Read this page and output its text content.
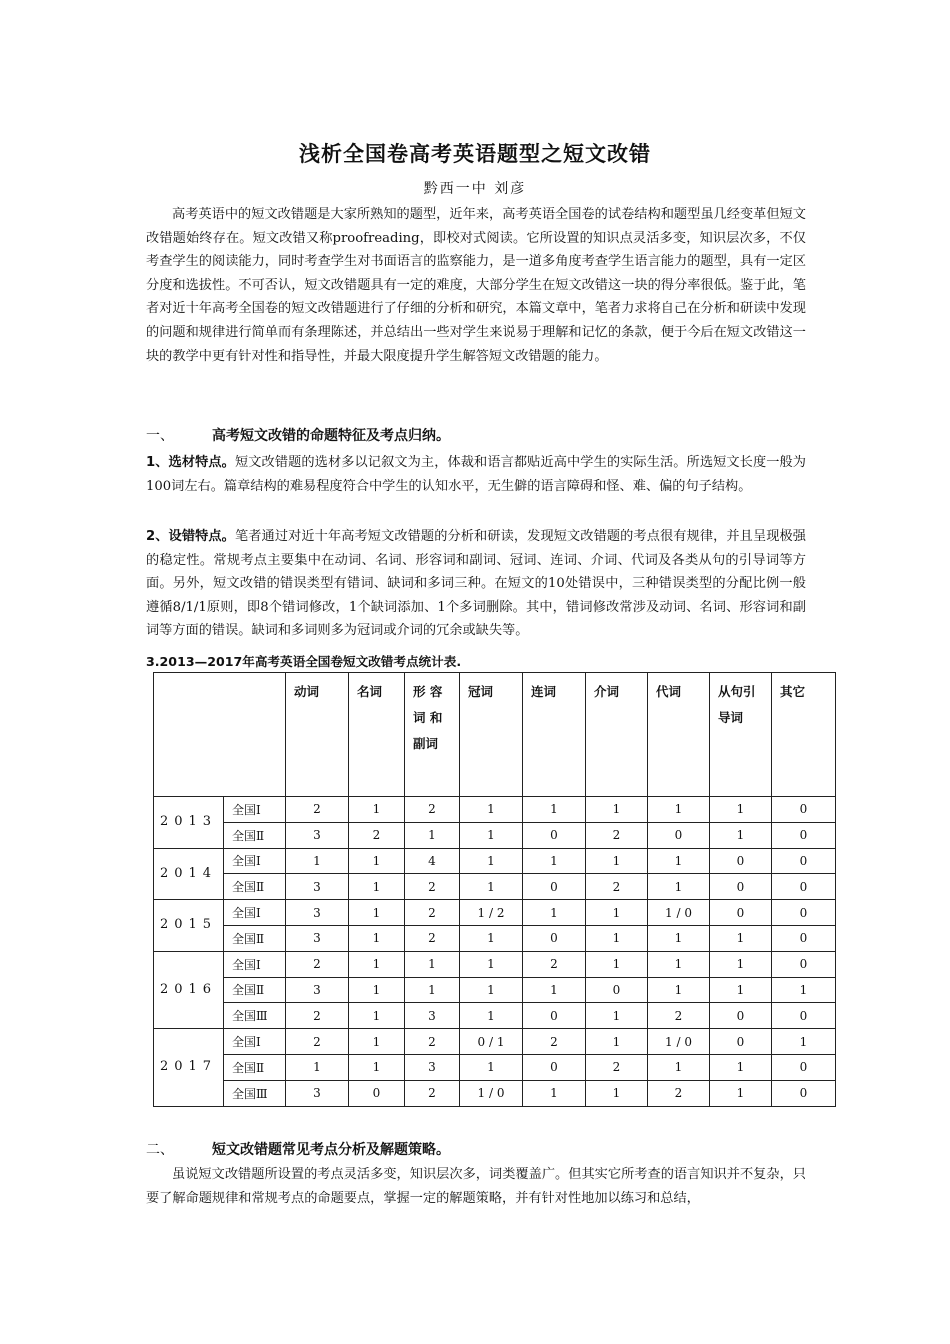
浅析全国卷高考英语题型之短文改错
黔西一中 刘彦
高考英语中的短文改错题是大家所熟知的题型，近年来，高考英语全国卷的试卷结构和题型虽几经变革但短文改错题始终存在。短文改错又称proofreading，即校对式阅读。它所设置的知识点灵活多变，知识层次多，不仅考查学生的阅读能力，同时考查学生对书面语言的监察能力，是一道多角度考查学生语言能力的题型，具有一定区分度和选拔性。不可否认，短文改错题具有一定的难度，大部分学生在短文改错这一块的得分率很低。鉴于此，笔者对近十年高考全国卷的短文改错题进行了仔细的分析和研究，本篇文章中，笔者力求将自己在分析和研读中发现的问题和规律进行简单而有条理陈述，并总结出一些对学生来说易于理解和记忆的条款，便于今后在短文改错这一块的教学中更有针对性和指导性，并最大限度提升学生解答短文改错题的能力。
一、	高考短文改错的命题特征及考点归纳。
1、选材特点。短文改错题的选材多以记叙文为主，体裁和语言都贴近高中学生的实际生活。所选短文长度一般为100词左右。篇章结构的难易程度符合中学生的认知水平，无生僻的语言障碍和怪、难、偏的句子结构。
2、设错特点。笔者通过对近十年高考短文改错题的分析和研读，发现短文改错题的考点很有规律，并且呈现极强的稳定性。常规考点主要集中在动词、名词、形容词和副词、冠词、连词、介词、代词及各类从句的引导词等方面。另外，短文改错的错误类型有错词、缺词和多词三种。在短文的10处错误中，三种错误类型的分配比例一般遵循8/1/1原则，即8个错词修改，1个缺词添加、1个多词删除。其中，错词修改常涉及动词、名词、形容词和副词等方面的错误。缺词和多词则多为冠词或介词的冗余或缺失等。
3.2013—2017年高考英语全国卷短文改错考点统计表.
		动词	名词	形 容 词 和 副词	冠词	连词	介词	代词	从句引导词	其它
2013	全国Ⅰ	2	1	2	1	1	1	1	1	0
	全国Ⅱ	3	2	1	1	0	2	0	1	0
2014	全国Ⅰ	1	1	4	1	1	1	1	0	0
	全国Ⅱ	3	1	2	1	0	2	1	0	0
2015	全国Ⅰ	3	1	2	1 / 2	1	1	1 / 0	0	0
	全国Ⅱ	3	1	2	1	0	1	1	1	0
2016	全国Ⅰ	2	1	1	1	2	1	1	1	0
	全国Ⅱ	3	1	1	1	1	0	1	1	1
	全国Ⅲ	2	1	3	1	0	1	2	0	0
2017	全国Ⅰ	2	1	2	0 / 1	2	1	1 / 0	0	1
	全国Ⅱ	1	1	3	1	0	2	1	1	0
	全国Ⅲ	3	0	2	1 / 0	1	1	2	1	0
二、	短文改错题常见考点分析及解题策略。
虽说短文改错题所设置的考点灵活多变，知识层次多，词类覆盖广。但其实它所考查的语言知识并不复杂，只要了解命题规律和常规考点的命题要点，掌握一定的解题策略，并有针对性地加以练习和总结，
